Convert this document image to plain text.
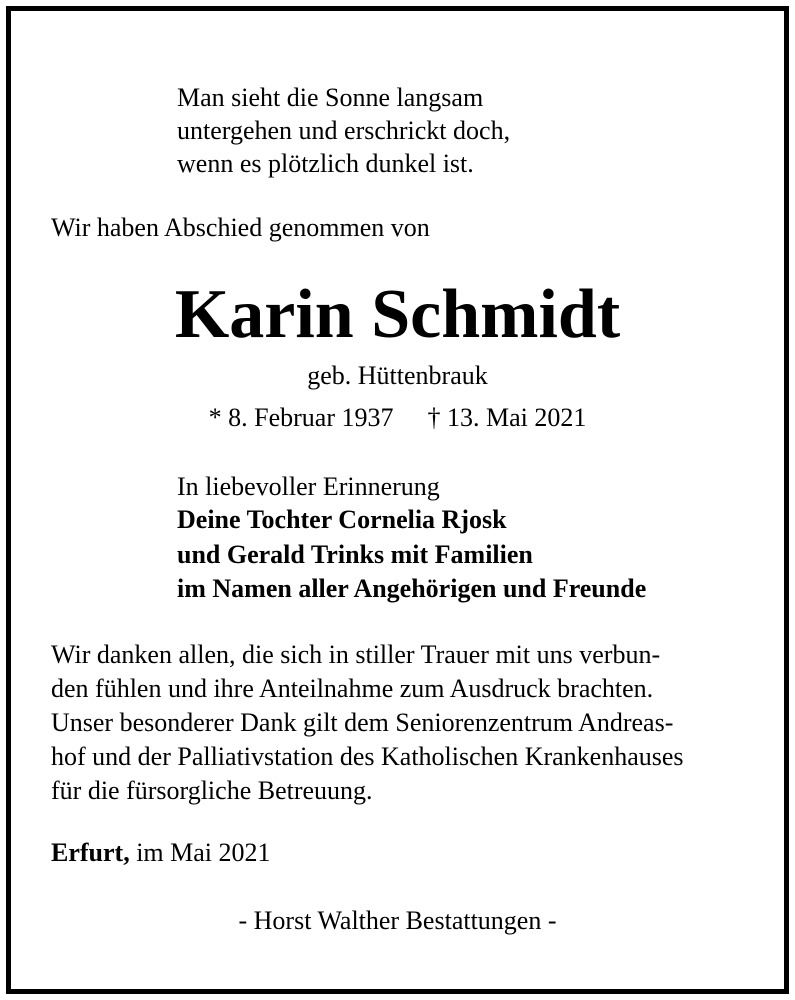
Man sieht die Sonne langsam
untergehen und erschrickt doch,
wenn es plötzlich dunkel ist.
Wir haben Abschied genommen von
Karin Schmidt
geb. Hüttenbrauk
* 8. Februar 1937 † 13. Mai 2021
In liebevoller Erinnerung
Deine Tochter Cornelia Rjosk
und Gerald Trinks mit Familien
im Namen aller Angehörigen und Freunde
Wir danken allen, die sich in stiller Trauer mit uns verbun-
den fühlen und ihre Anteilnahme zum Ausdruck brachten.
Unser besonderer Dank gilt dem Seniorenzentrum Andreas-
hof und der Palliativstation des Katholischen Krankenhauses
für die fürsorgliche Betreuung.
Erfurt, im Mai 2021
- Horst Walther Bestattungen -
